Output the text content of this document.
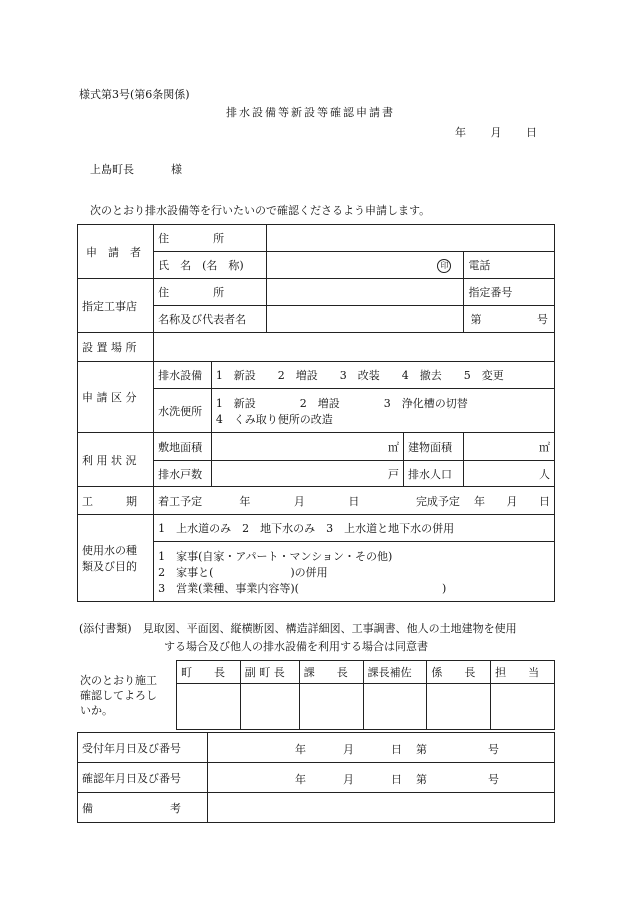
様式第3号(第6条関係)
排水設備等新設等確認申請書
年 月 日
上島町長	様
次のとおり排水設備等を行いたいので確認くださるよう申請します。
申　請　者	住　　　　所				
	氏　名　(名　称)		印		電話
指定工事店	住　　　　所				指定番号
	名称及び代表者名				第 号

設 置 場 所					
申 請 区 分	排水設備	1　新設　　2　増設　　3　改装　　4　撤去　　5　変更			
	水洗便所	1　新設　　　　2　増設　　　　3　浄化槽の切替
4　くみ取り便所の改造			

利 用 状 況	敷地面積	㎡		建物面積	㎡
	排水戸数	戸		排水人口	人
工　　　期	着工予定	年 月 日		完成予定	年 月 日

使用水の種
類及び目的	1　上水道のみ　2　地下水のみ　3　上水道と地下水の併用				

	1　家事(自家・アパート・マンション・その他)
2　家事と(　　　　　　　)の併用
3　営業(業種、事業内容等)(　　　　　　　　　　　　　)				
(添付書類)　見取図、平面図、縦横断図、構造詳細図、工事調書、他人の土地建物を使用
する場合及び他人の排水設備を利用する場合は同意書
次のとおり施工
確認してよろし
いか。
町　　長	副 町 長	課　　長	課長補佐	係　　長	担　　当

受付年月日及び番号	年 月 日 第 号

確認年月日及び番号	年 月 日 第 号

備　　　　　　　考	
